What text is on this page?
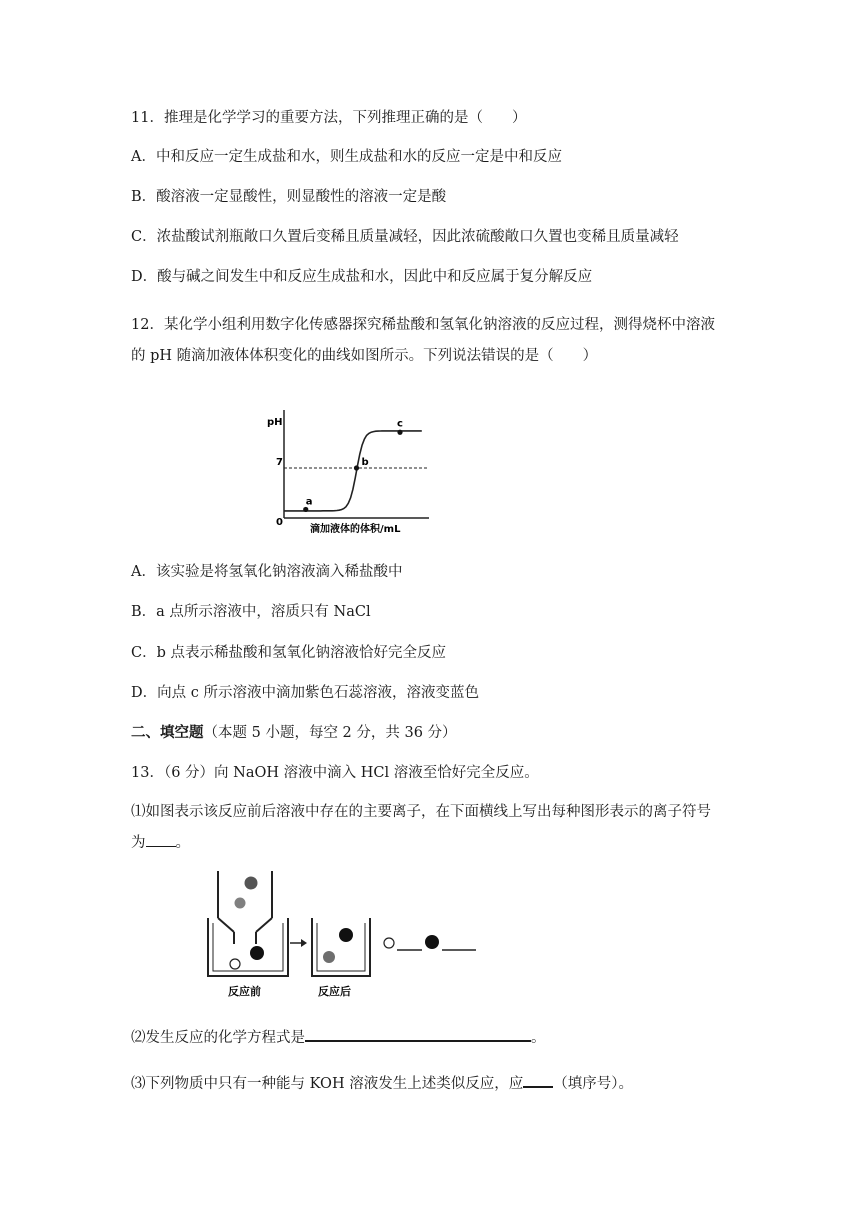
11．推理是化学学习的重要方法，下列推理正确的是（　　）
A．中和反应一定生成盐和水，则生成盐和水的反应一定是中和反应
B．酸溶液一定显酸性，则显酸性的溶液一定是酸
C．浓盐酸试剂瓶敞口久置后变稀且质量减轻，因此浓硫酸敞口久置也变稀且质量减轻
D．酸与碱之间发生中和反应生成盐和水，因此中和反应属于复分解反应
12．某化学小组利用数字化传感器探究稀盐酸和氢氧化钠溶液的反应过程，测得烧杯中溶液
的 pH 随滴加液体体积变化的曲线如图所示。下列说法错误的是（　　）
pH
7
0
滴加液体的体积/mL
a
b
c
A．该实验是将氢氧化钠溶液滴入稀盐酸中
B．a 点所示溶液中，溶质只有 NaCl
C．b 点表示稀盐酸和氢氧化钠溶液恰好完全反应
D．向点 c 所示溶液中滴加紫色石蕊溶液，溶液变蓝色
二、填空题（本题 5 小题，每空 2 分，共 36 分）
13．（6 分）向 NaOH 溶液中滴入 HCl 溶液至恰好完全反应。
⑴如图表示该反应前后溶液中存在的主要离子，在下面横线上写出每种图形表示的离子符号
为 。
反应前	反应后
⑵发生反应的化学方程式是	。
⑶下列物质中只有一种能与 KOH 溶液发生上述类似反应，应 （填序号）。
